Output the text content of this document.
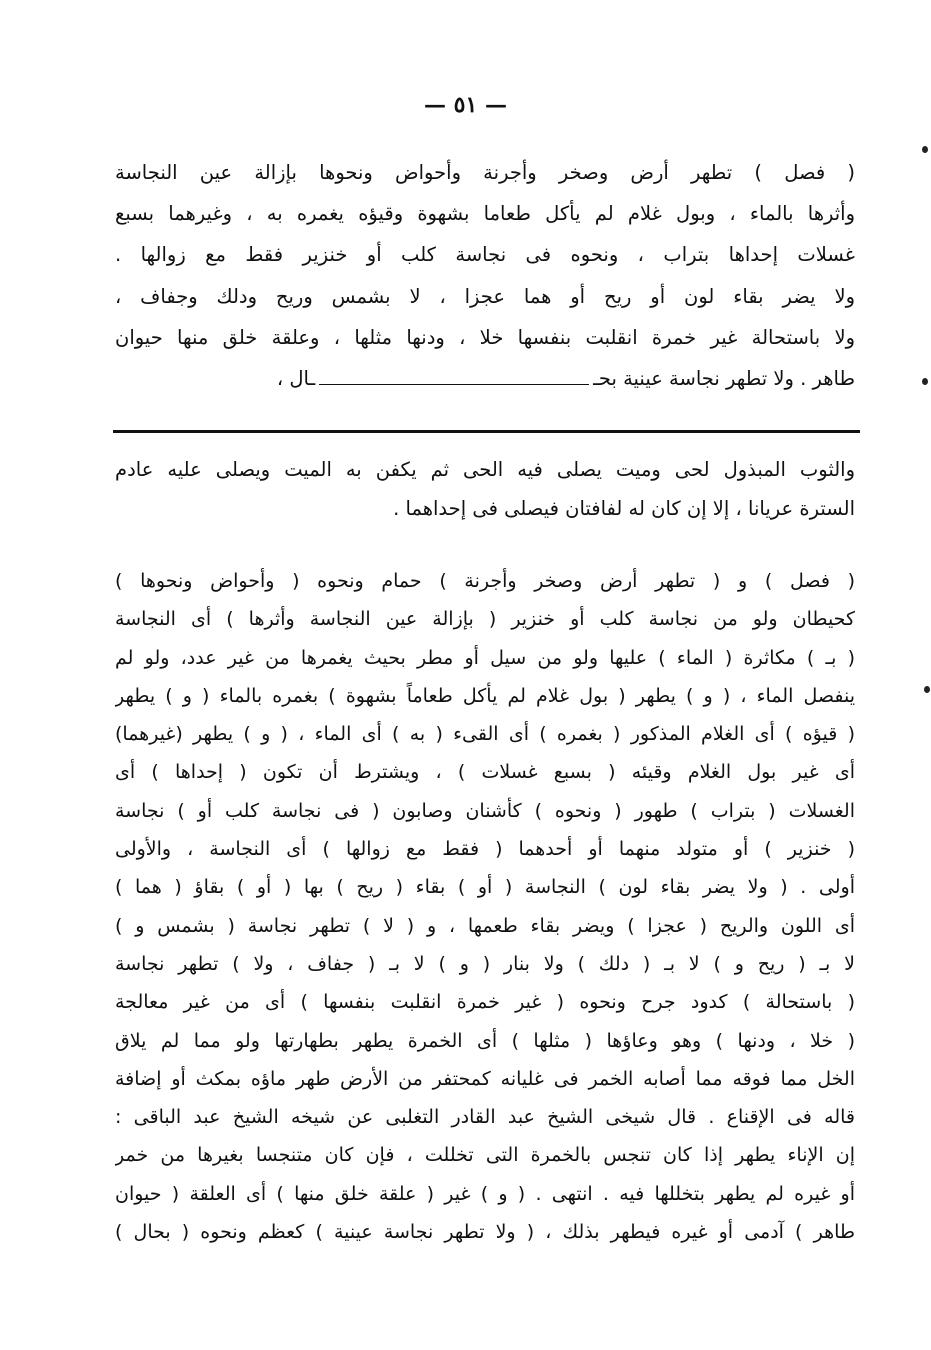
— ٥١ —
( فصل ) تطهر أرض وصخر وأجرنة وأحواض ونحوها بإزالة عين النجاسة
وأثرها بالماء ، وبول غلام لم يأكل طعاما بشهوة وقيؤه يغمره به ، وغيرهما بسبع
غسلات إحداها بتراب ، ونحوه فى نجاسة كلب أو خنزير فقط مع زوالها .
ولا يضر بقاء لون أو ريح أو هما عجزا ، لا بشمس وريح ودلك وجفاف ،
ولا باستحالة غير خمرة انقلبت بنفسها خلا ، ودنها مثلها ، وعلقة خلق منها حيوان
طاهر . ولا تطهر نجاسة عينية بحــال ،
والثوب المبذول لحى وميت يصلى فيه الحى ثم يكفن به الميت ويصلى عليه عادم
السترة عريانا ، إلا إن كان له لفافتان فيصلى فى إحداهما .
( فصل ) و ( تطهر أرض وصخر وأجرنة ) حمام ونحوه ( وأحواض ونحوها )
كحيطان ولو من نجاسة كلب أو خنزير ( بإزالة عين النجاسة وأثرها ) أى النجاسة
( بـ ) مكاثرة ( الماء ) عليها ولو من سيل أو مطر بحيث يغمرها من غير عدد، ولو لم
ينفصل الماء ، ( و ) يطهر ( بول غلام لم يأكل طعاماً بشهوة ) بغمره بالماء ( و ) يطهر
( قيؤه ) أى الغلام المذكور ( بغمره ) أى القىء ( به ) أى الماء ، ( و ) يطهر (غيرهما)
أى غير بول الغلام وقيئه ( بسبع غسلات ) ، ويشترط أن تكون ( إحداها ) أى
الغسلات ( بتراب ) طهور ( ونحوه ) كأشنان وصابون ( فى نجاسة كلب أو ) نجاسة
( خنزير ) أو متولد منهما أو أحدهما ( فقط مع زوالها ) أى النجاسة ، والأولى
أولى . ( ولا يضر بقاء لون ) النجاسة ( أو ) بقاء ( ريح ) بها ( أو ) بقاؤ ( هما )
أى اللون والريح ( عجزا ) ويضر بقاء طعمها ، و ( لا ) تطهر نجاسة ( بشمس و )
لا بـ ( ريح و ) لا بـ ( دلك ) ولا بنار ( و ) لا بـ ( جفاف ، ولا ) تطهر نجاسة
( باستحالة ) كدود جرح ونحوه ( غير خمرة انقلبت بنفسها ) أى من غير معالجة
( خلا ، ودنها ) وهو وعاؤها ( مثلها ) أى الخمرة يطهر بطهارتها ولو مما لم يلاق
الخل مما فوقه مما أصابه الخمر فى غليانه كمحتفر من الأرض طهر ماؤه بمكث أو إضافة
قاله فى الإقناع . قال شيخى الشيخ عبد القادر التغلبى عن شيخه الشيخ عبد الباقى :
إن الإناء يطهر إذا كان تنجس بالخمرة التى تخللت ، فإن كان متنجسا بغيرها من خمر
أو غيره لم يطهر بتخللها فيه . انتهى . ( و ) غير ( علقة خلق منها ) أى العلقة ( حيوان
طاهر ) آدمى أو غيره فيطهر بذلك ، ( ولا تطهر نجاسة عينية ) كعظم ونحوه ( بحال )
